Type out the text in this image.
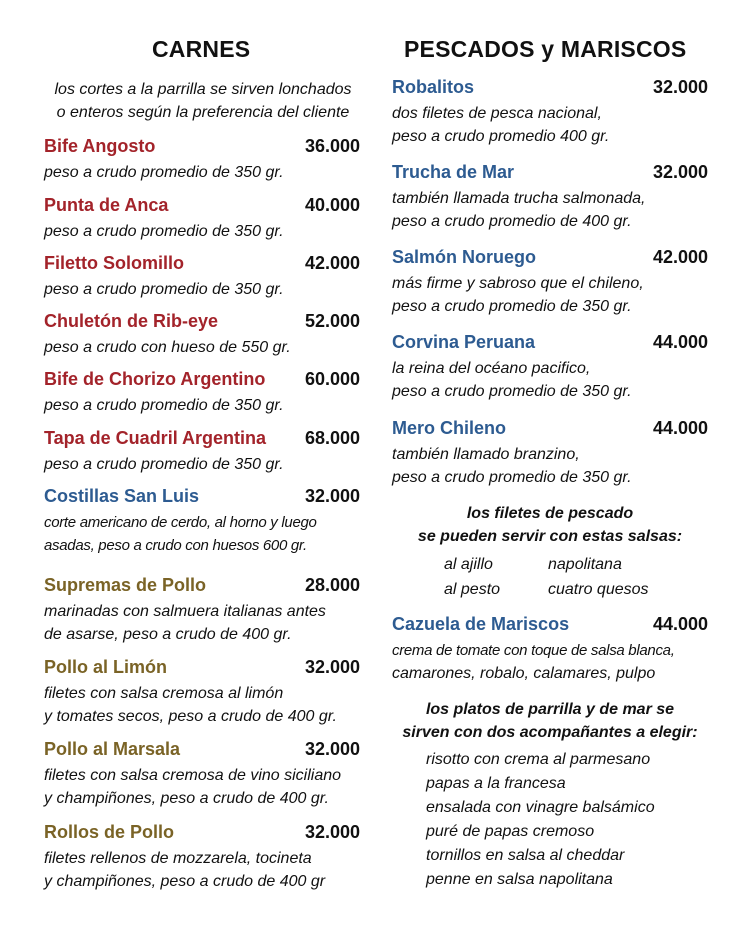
CARNES
los cortes a la parrilla se sirven lonchados
o enteros según la preferencia del cliente
Bife Angosto	36.000
peso a crudo promedio de 350 gr.
Punta de Anca	40.000
peso a crudo promedio de 350 gr.
Filetto Solomillo	42.000
peso a crudo promedio de 350 gr.
Chuletón de Rib-eye	52.000
peso a crudo con hueso de 550 gr.
Bife de Chorizo Argentino 60.000
peso a crudo promedio de 350 gr.
Tapa de Cuadril Argentina 68.000
peso a crudo promedio de 350 gr.
Costillas San Luis	32.000
corte americano de cerdo, al horno y luego
asadas, peso a crudo con huesos 600 gr.
Supremas de Pollo	28.000
marinadas con salmuera italianas antes
de asarse, peso a crudo de 400 gr.
Pollo al Limón	32.000
filetes con salsa cremosa al limón
y tomates secos, peso a crudo de 400 gr.
Pollo al Marsala	32.000
filetes con salsa cremosa de vino siciliano
y champiñones, peso a crudo de 400 gr.
Rollos de Pollo	32.000
filetes rellenos de mozzarela, tocineta
y champiñones, peso a crudo de 400 gr
PESCADOS y MARISCOS
Robalitos	32.000
dos filetes de pesca nacional,
peso a crudo promedio 400 gr.
Trucha de Mar	32.000
también llamada trucha salmonada,
peso a crudo promedio de 400 gr.
Salmón Noruego	42.000
más firme y sabroso que el chileno,
peso a crudo promedio de 350 gr.
Corvina Peruana	44.000
la reina del océano pacifico,
peso a crudo promedio de 350 gr.
Mero Chileno	44.000
también llamado branzino,
peso a crudo promedio de 350 gr.
los filetes de pescado
se pueden servir con estas salsas:
al ajillo	napolitana
al pesto	cuatro quesos
Cazuela de Mariscos	44.000
crema de tomate con toque de salsa blanca,
camarones, robalo, calamares, pulpo
los platos de parrilla y de mar se
sirven con dos acompañantes a elegir:
risotto con crema al parmesano
papas a la francesa
ensalada con vinagre balsámico
puré de papas cremoso
tornillos en salsa al cheddar
penne en salsa napolitana
